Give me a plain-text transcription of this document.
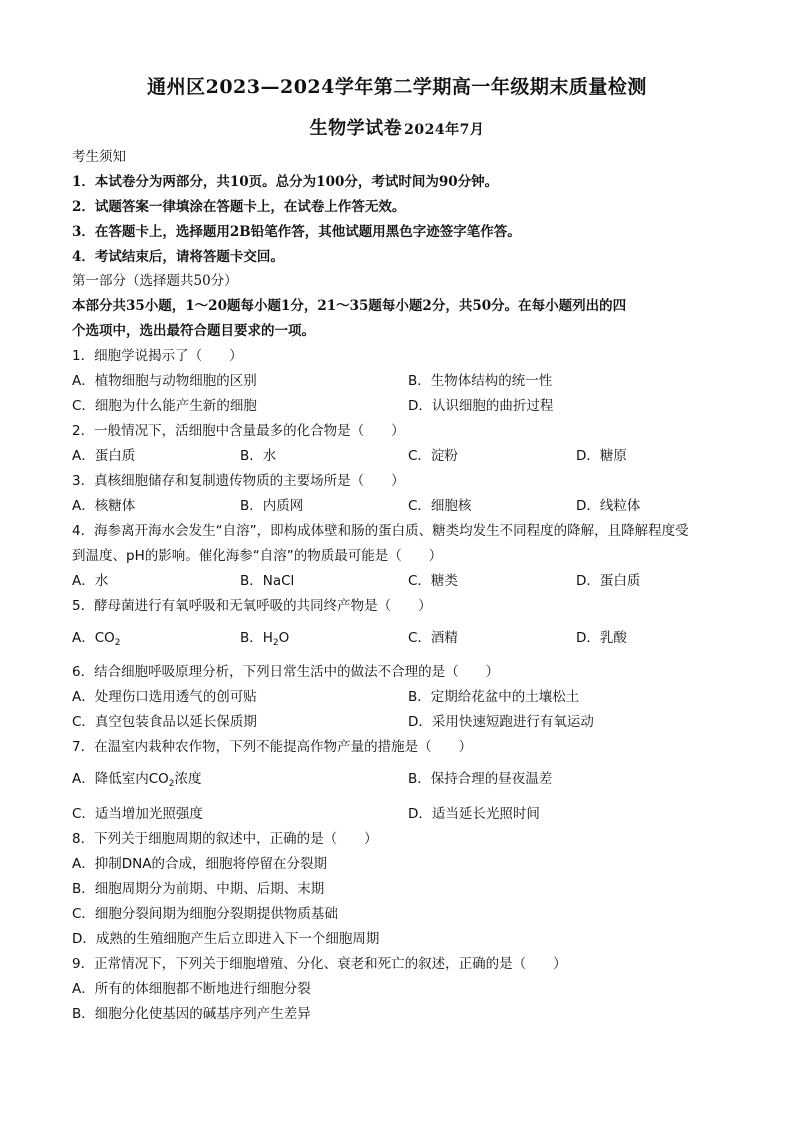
通州区2023—2024学年第二学期高一年级期末质量检测
生物学试卷 2024年7月
考生须知
1．本试卷分为两部分，共10页。总分为100分，考试时间为90分钟。
2．试题答案一律填涂在答题卡上，在试卷上作答无效。
3．在答题卡上，选择题用2B铅笔作答，其他试题用黑色字迹签字笔作答。
4．考试结束后，请将答题卡交回。
第一部分（选择题共50分）
本部分共35小题，1～20题每小题1分，21～35题每小题2分，共50分。在每小题列出的四
个选项中，选出最符合题目要求的一项。
1．细胞学说揭示了（　　）
A．植物细胞与动物细胞的区别	B．生物体结构的统一性
C．细胞为什么能产生新的细胞	D．认识细胞的曲折过程
2．一般情况下，活细胞中含量最多的化合物是（　　）
A．蛋白质	B．水	C．淀粉	D．糖原
3．真核细胞储存和复制遗传物质的主要场所是（　　）
A．核糖体	B．内质网	C．细胞核	D．线粒体
4．海参离开海水会发生“自溶”，即构成体壁和肠的蛋白质、糖类均发生不同程度的降解，且降解程度受
到温度、pH的影响。催化海参“自溶”的物质最可能是（　　）
A．水	B．NaCl	C．糖类	D．蛋白质
5．酵母菌进行有氧呼吸和无氧呼吸的共同终产物是（　　）
A．$CO_2$	B．$H_2O$	C．酒精	D．乳酸
6．结合细胞呼吸原理分析，下列日常生活中的做法不合理的是（　　）
A．处理伤口选用透气的创可贴	B．定期给花盆中的土壤松土
C．真空包装食品以延长保质期	D．采用快速短跑进行有氧运动
7．在温室内栽种农作物，下列不能提高作物产量的措施是（　　）
A．降低室内$CO_2$浓度	B．保持合理的昼夜温差
C．适当增加光照强度	D．适当延长光照时间
8．下列关于细胞周期的叙述中，正确的是（　　）
A．抑制DNA的合成，细胞将停留在分裂期
B．细胞周期分为前期、中期、后期、末期
C．细胞分裂间期为细胞分裂期提供物质基础
D．成熟的生殖细胞产生后立即进入下一个细胞周期
9．正常情况下，下列关于细胞增殖、分化、衰老和死亡的叙述，正确的是（　　）
A．所有的体细胞都不断地进行细胞分裂
B．细胞分化使基因的碱基序列产生差异
